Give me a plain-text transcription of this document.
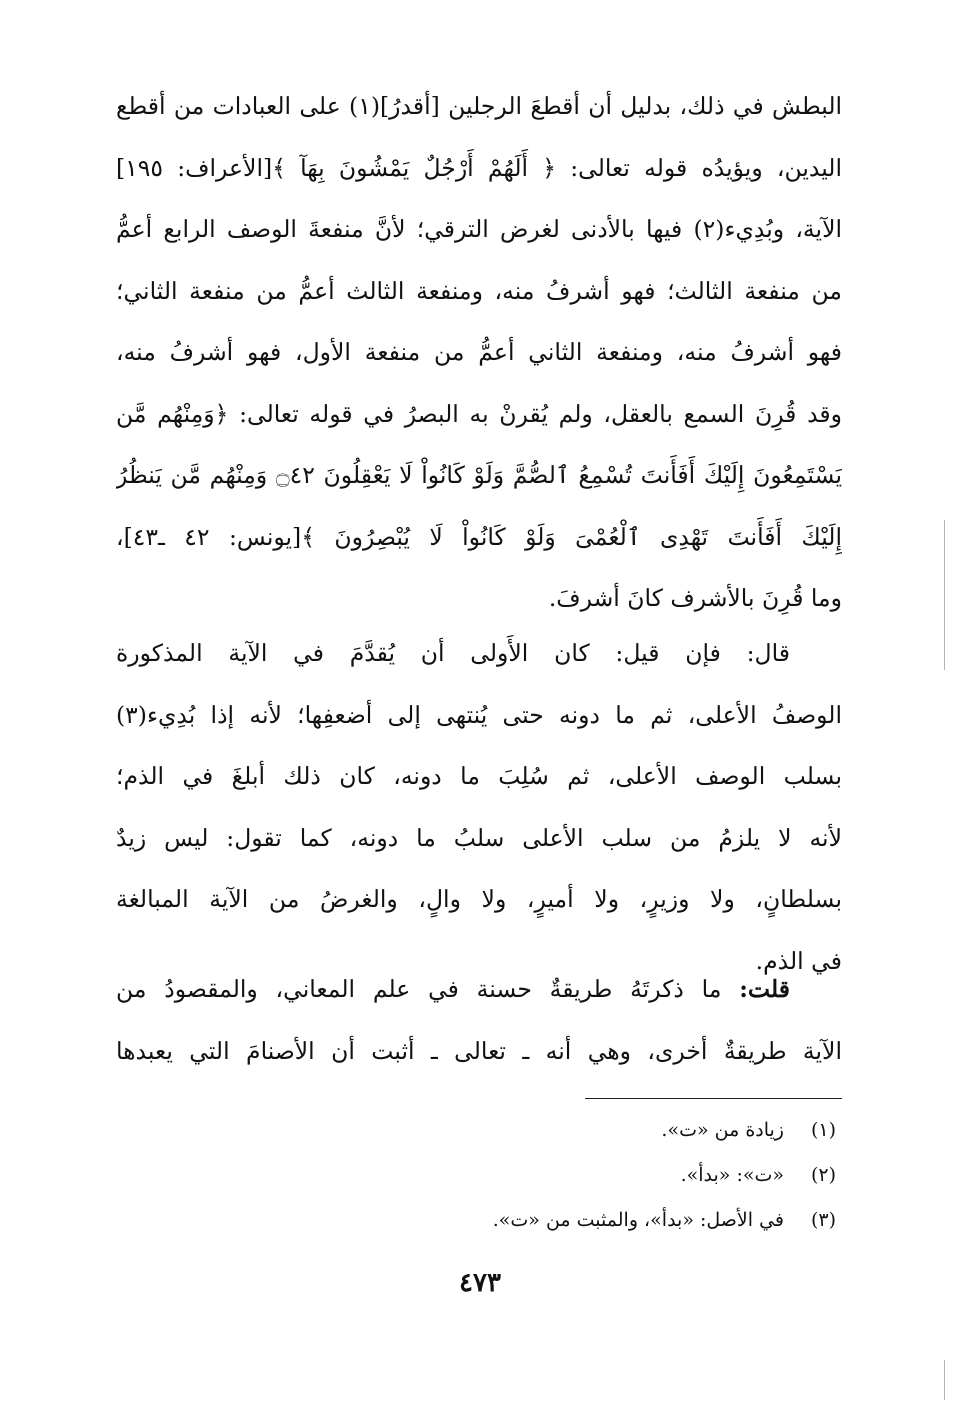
البطش في ذلك، بدليل أن أقطعَ الرجلين [أقدرُ](١) على العبادات من أقطع
اليدين، ويؤيدُه قوله تعالى: ﴿ أَلَهُمْ أَرْجُلٌ يَمْشُونَ بِهَآ ﴾[الأعراف: ١٩٥]
الآية، وبُدِيء(٢) فيها بالأدنى لغرض الترقي؛ لأنَّ منفعةَ الوصف الرابع أعمُّ
من منفعة الثالث؛ فهو أشرفُ منه، ومنفعة الثالث أعمُّ من منفعة الثاني؛
فهو أشرفُ منه، ومنفعة الثاني أعمُّ من منفعة الأول، فهو أشرفُ منه،
وقد قُرِنَ السمع بالعقل، ولم يُقرنْ به البصرُ في قوله تعالى: ﴿وَمِنْهُم مَّن
يَسْتَمِعُونَ إِلَيْكَ أَفَأَنتَ تُسْمِعُ ٱلصُّمَّ وَلَوْ كَانُواْ لَا يَعْقِلُونَ ۝٤٢ وَمِنْهُم مَّن يَنظُرُ
إِلَيْكَ أَفَأَنتَ تَهْدِى ٱلْعُمْىَ وَلَوْ كَانُواْ لَا يُبْصِرُونَ ﴾[يونس: ٤٢ ـ٤٣]،
وما قُرِنَ بالأشرف كانَ أشرفَ.
قال: فإن قيل: كان الأَولى أن يُقدَّمَ في الآية المذكورة
الوصفُ الأعلى، ثم ما دونه حتى يُنتهى إلى أضعفِها؛ لأنه إذا بُدِيء(٣)
بسلب الوصف الأعلى، ثم سُلِبَ ما دونه، كان ذلك أبلغَ في الذم؛
لأنه لا يلزمُ من سلب الأعلى سلبُ ما دونه، كما تقول: ليس زيدٌ
بسلطانٍ، ولا وزيرٍ، ولا أميرٍ، ولا والٍ، والغرضُ من الآية المبالغة
في الذم.
قلت: ما ذكرتَهُ طريقةٌ حسنة في علم المعاني، والمقصودُ من
الآية طريقةٌ أخرى، وهي أنه ـ تعالى ـ أثبت أن الأصنامَ التي يعبدها
(١)زيادة من «ت».
(٢)«ت»: «بدأ».
(٣)في الأصل: «بدأ»، والمثبت من «ت».
٤٧٣
